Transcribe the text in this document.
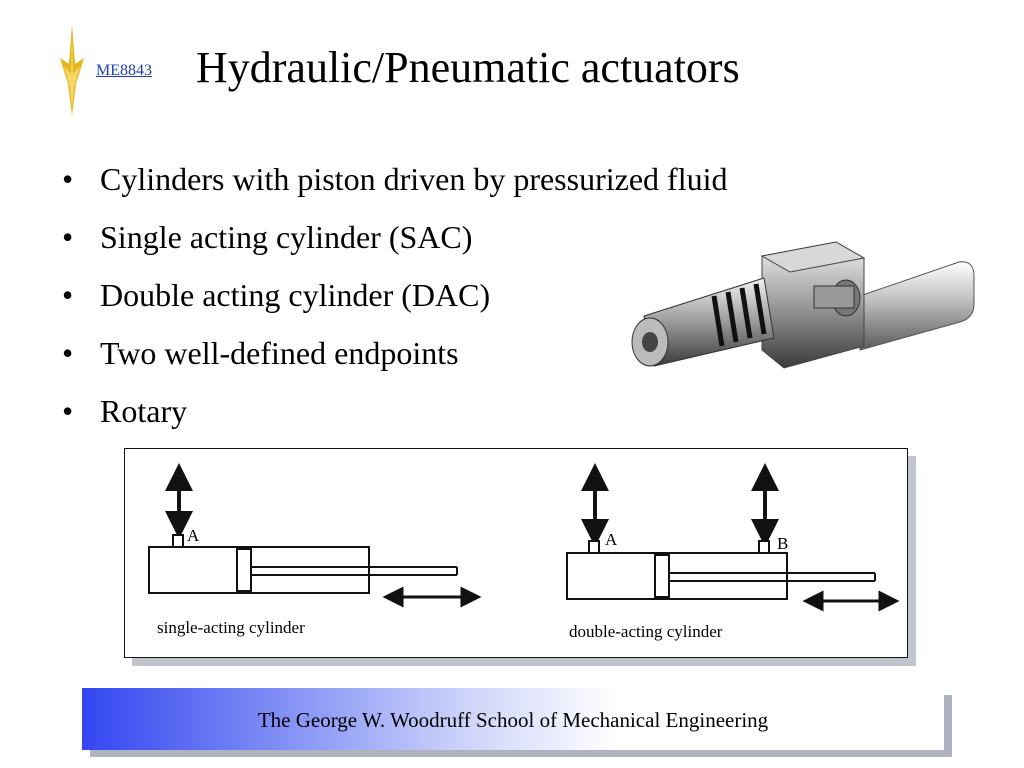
ME8843 Hydraulic/Pneumatic actuators
• Cylinders with piston driven by pressurized fluid
• Single acting cylinder (SAC)
• Double acting cylinder (DAC)
• Two well-defined endpoints
• Rotary
A
single-acting cylinder
A	B
double-acting cylinder
The George W. Woodruff School of Mechanical Engineering
